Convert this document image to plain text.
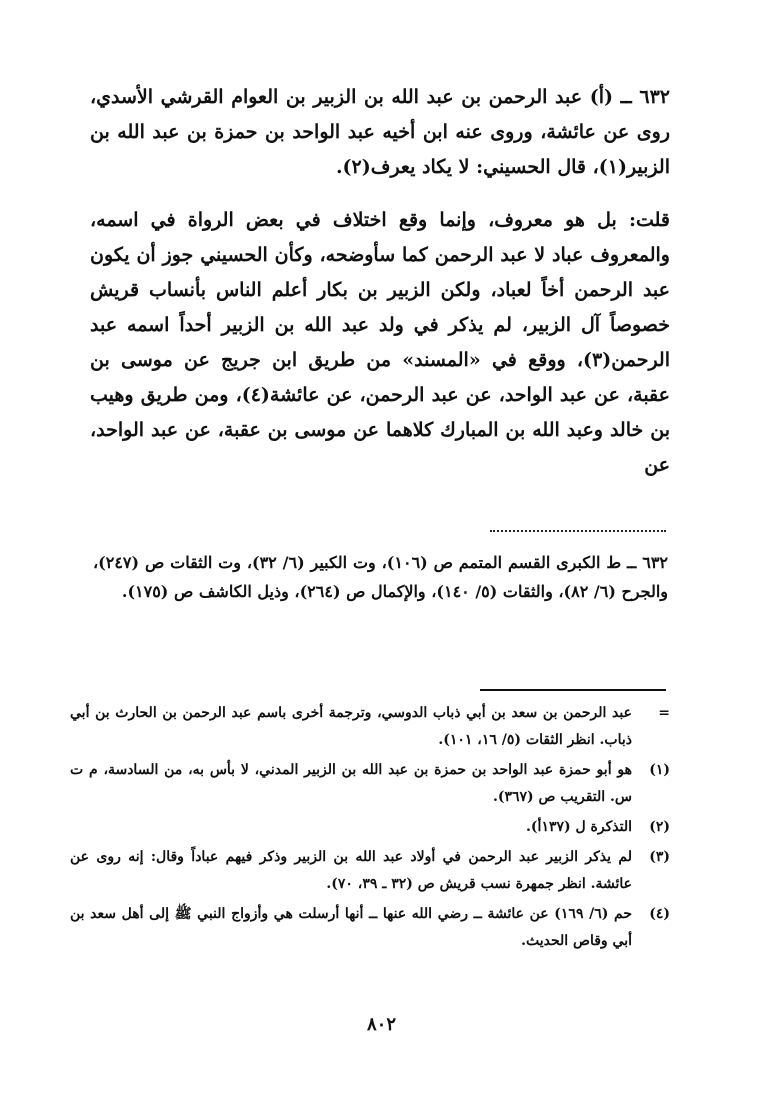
٦٣٢ ــ (أ) عبد الرحمن بن عبد الله بن الزبير بن العوام القرشي الأسدي، روى عن عائشة، وروى عنه ابن أخيه عبد الواحد بن حمزة بن عبد الله بن الزبير(١)، قال الحسيني: لا يكاد يعرف(٢).

قلت: بل هو معروف، وإنما وقع اختلاف في بعض الرواة في اسمه، والمعروف عباد لا عبد الرحمن كما سأوضحه، وكأن الحسيني جوز أن يكون عبد الرحمن أخاً لعباد، ولكن الزبير بن بكار أعلم الناس بأنساب قريش خصوصاً آل الزبير، لم يذكر في ولد عبد الله بن الزبير أحداً اسمه عبد الرحمن(٣)، ووقع في «المسند» من طريق ابن جريج عن موسى بن عقبة، عن عبد الواحد، عن عبد الرحمن، عن عائشة(٤)، ومن طريق وهيب بن خالد وعبد الله بن المبارك كلاهما عن موسى بن عقبة، عن عبد الواحد، عن

٦٣٢ ــ ط الكبرى القسم المتمم ص (١٠٦)، وت الكبير (٦/ ٣٢)، وت الثقات ص (٢٤٧)، والجرح (٦/ ٨٢)، والثقات (٥/ ١٤٠)، والإكمال ص (٢٦٤)، وذيل الكاشف ص (١٧٥).
=
عبد الرحمن بن سعد بن أبي ذباب الدوسي، وترجمة أخرى باسم عبد الرحمن بن الحارث بن أبي ذباب. انظر الثقات (٥/ ١٦، ١٠١).
(١)
هو أبو حمزة عبد الواحد بن حمزة بن عبد الله بن الزبير المدني، لا بأس به، من السادسة، م ت س. التقريب ص (٣٦٧).
(٢)
التذكرة ل (١٣٧أ).
(٣)
لم يذكر الزبير عبد الرحمن في أولاد عبد الله بن الزبير وذكر فيهم عباداً وقال: إنه روى عن عائشة. انظر جمهرة نسب قريش ص (٣٢ ـ ٣٩، ٧٠).
(٤)
حم (٦/ ١٦٩) عن عائشة ــ رضي الله عنها ــ أنها أرسلت هي وأزواج النبي ﷺ إلى أهل سعد بن أبي وقاص الحديث.
٨٠٢
